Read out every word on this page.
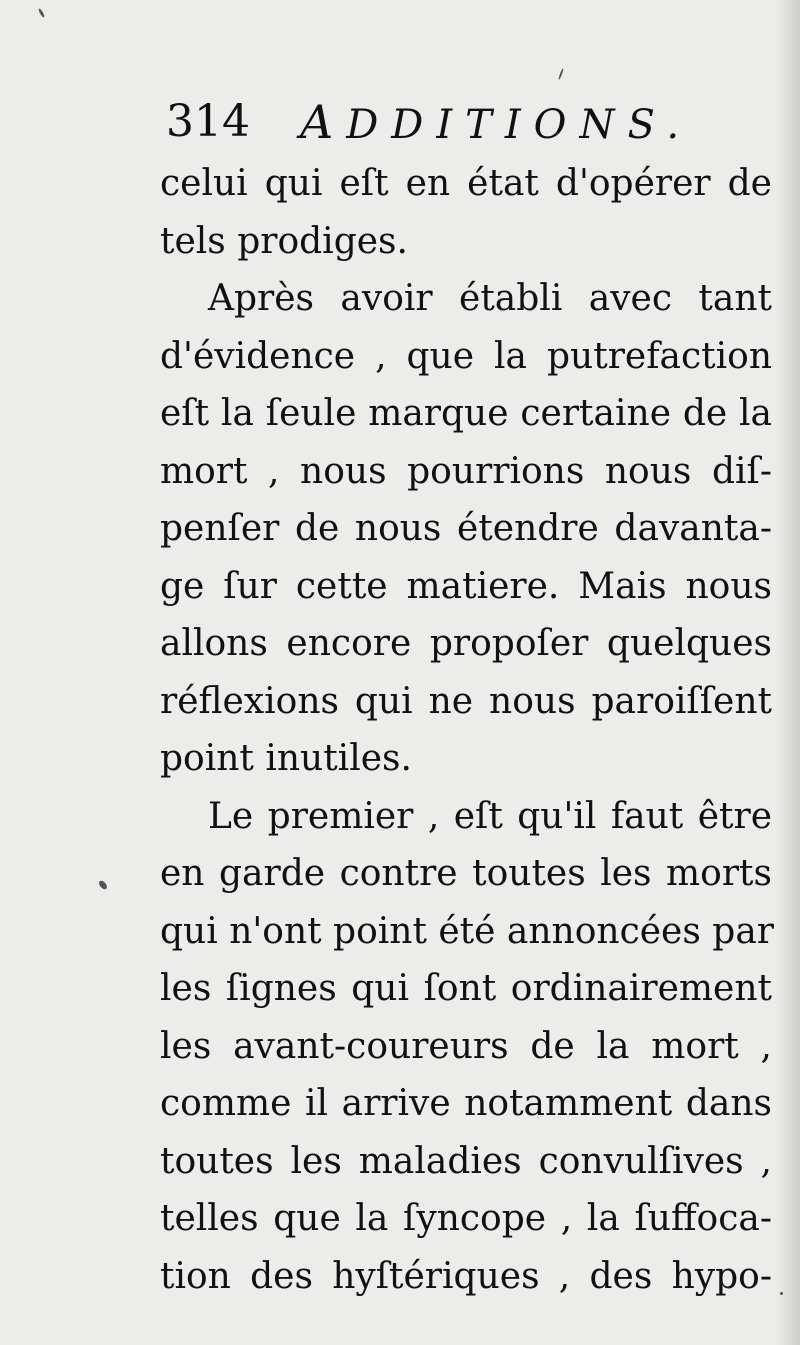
314 ADDITIONS.
celui qui eſt en état d'opérer de
tels prodiges.
Après avoir établi avec tant
d'évidence , que la putrefaction
eſt la ſeule marque certaine de la
mort , nous pourrions nous diſ-
penſer de nous étendre davanta-
ge ſur cette matiere. Mais nous
allons encore propoſer quelques
réflexions qui ne nous paroiſſent
point inutiles.
Le premier , eſt qu'il faut être
en garde contre toutes les morts
qui n'ont point été annoncées par
les ſignes qui ſont ordinairement
les avant-coureurs de la mort ,
comme il arrive notamment dans
toutes les maladies convulſives ,
telles que la ſyncope , la ſuffoca-
tion des hyſtériques , des hypo-
